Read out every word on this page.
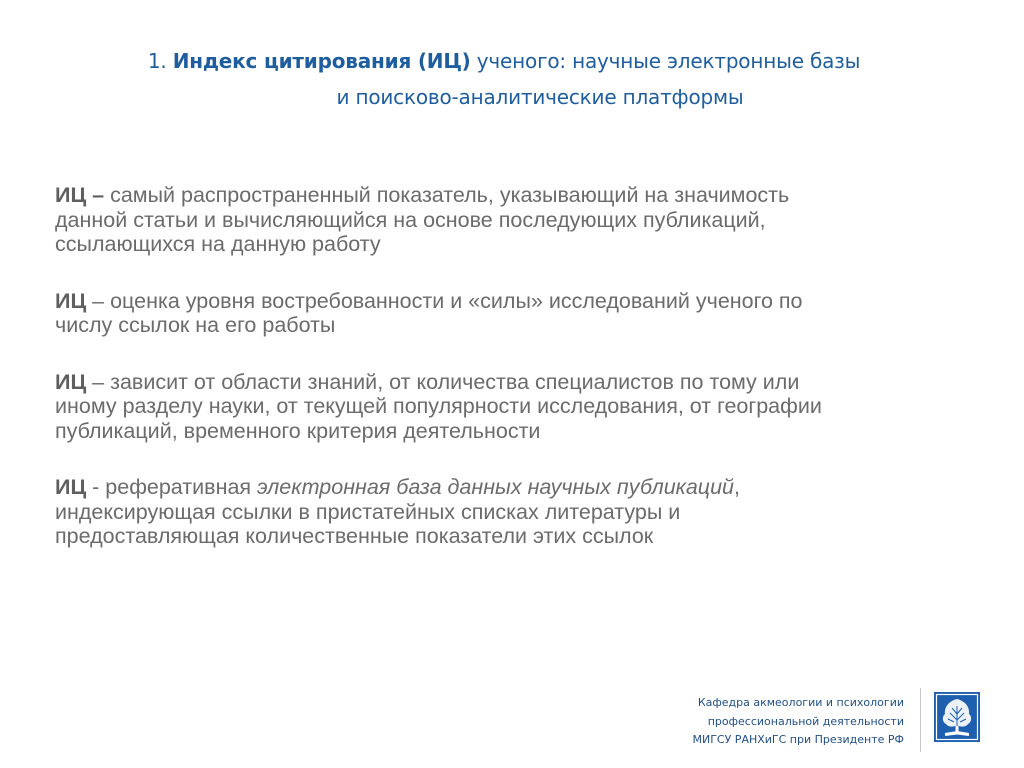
1. Индекс цитирования (ИЦ) ученого: научные электронные базы
и поисково-аналитические платформы

ИЦ – самый распространенный показатель, указывающий на значимость данной статьи и вычисляющийся на основе последующих публикаций, ссылающихся на данную работу

ИЦ – оценка уровня востребованности и «силы» исследований ученого по числу ссылок на его работы

ИЦ – зависит от области знаний, от количества специалистов по тому или иному разделу науки, от текущей популярности исследования, от географии публикаций, временного критерия деятельности

ИЦ - реферативная электронная база данных научных публикаций, индексирующая ссылки в пристатейных списках литературы и предоставляющая количественные показатели этих ссылок

Кафедра акмеологии и психологии
профессиональной деятельности
МИГСУ РАНХиГС при Президенте РФ
